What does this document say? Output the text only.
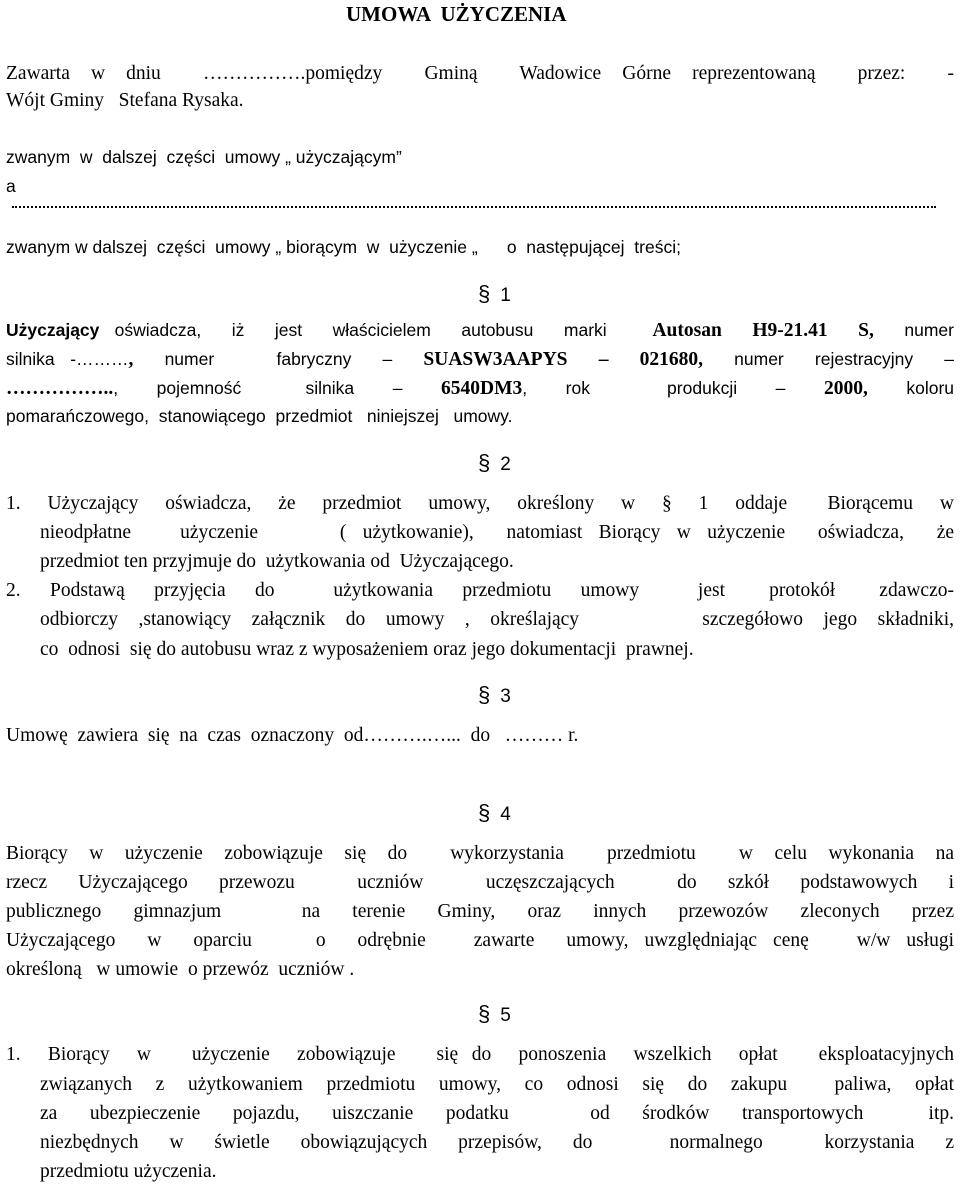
UMOWA  UŻYCZENIA
Zawarta w dniu  …………….pomiędzy  Gminą  Wadowice Górne reprezentowaną  przez:  -
Wójt Gminy   Stefana Rysaka.
zwanym  w  dalszej  części  umowy „ użyczającym”
a
zwanym w dalszej  części  umowy „ biorącym  w  użyczenie „      o  następującej  treści;

§ 1

Użyczający oświadcza,  iż  jest  właścicielem  autobusu  marki   Autosan  H9-21.41  S,  numer
silnika -………,  numer    fabryczny  –  SUASW3AAPYS  –  021680,  numer  rejestracyjny  –
……………..,   pojemność     silnika   –   6540DM3,   rok      produkcji   –   2000,   koloru
pomarańczowego,  stanowiącego  przedmiot   niniejszej   umowy.

§ 2

1.  Użyczający  oświadcza,  że  przedmiot  umowy,  określony  w  §  1  oddaje   Biorącemu  w
nieodpłatne   użyczenie     ( użytkowanie),  natomiast Biorący w użyczenie  oświadcza,  że
przedmiot ten przyjmuje do  użytkowania od  Użyczającego.
2.  Podstawą  przyjęcia  do    użytkowania  przedmiotu  umowy    jest   protokół   zdawczo-
odbiorczy ,stanowiący załącznik do umowy , określający      szczegółowo jego składniki,
co  odnosi  się do autobusu wraz z wyposażeniem oraz jego dokumentacji  prawnej.

§ 3

Umowę  zawiera  się  na  czas  oznaczony  od……….…...  do   ……… r.

§ 4

Biorący w użyczenie zobowiązuje się do  wykorzystania  przedmiotu  w celu wykonania na
rzecz  Użyczającego  przewozu    uczniów    uczęszczających    do  szkół  podstawowych  i
publicznego  gimnazjum     na  terenie  Gminy,  oraz  innych  przewozów  zleconych  przez
Użyczającego  w  oparciu    o  odrębnie   zawarte  umowy, uwzględniając cenę   w/w usługi
określoną   w umowie  o przewóz  uczniów .

§ 5

1.  Biorący  w   użyczenie  zobowiązuje   się do  ponoszenia  wszelkich  opłat   eksploatacyjnych
związanych z użytkowaniem przedmiotu umowy, co odnosi się do zakupu  paliwa, opłat
za  ubezpieczenie  pojazdu,  uiszczanie  podatku     od  środków  transportowych    itp.
niezbędnych  w  świetle  obowiązujących  przepisów,  do     normalnego    korzystania  z
przedmiotu użyczenia.
